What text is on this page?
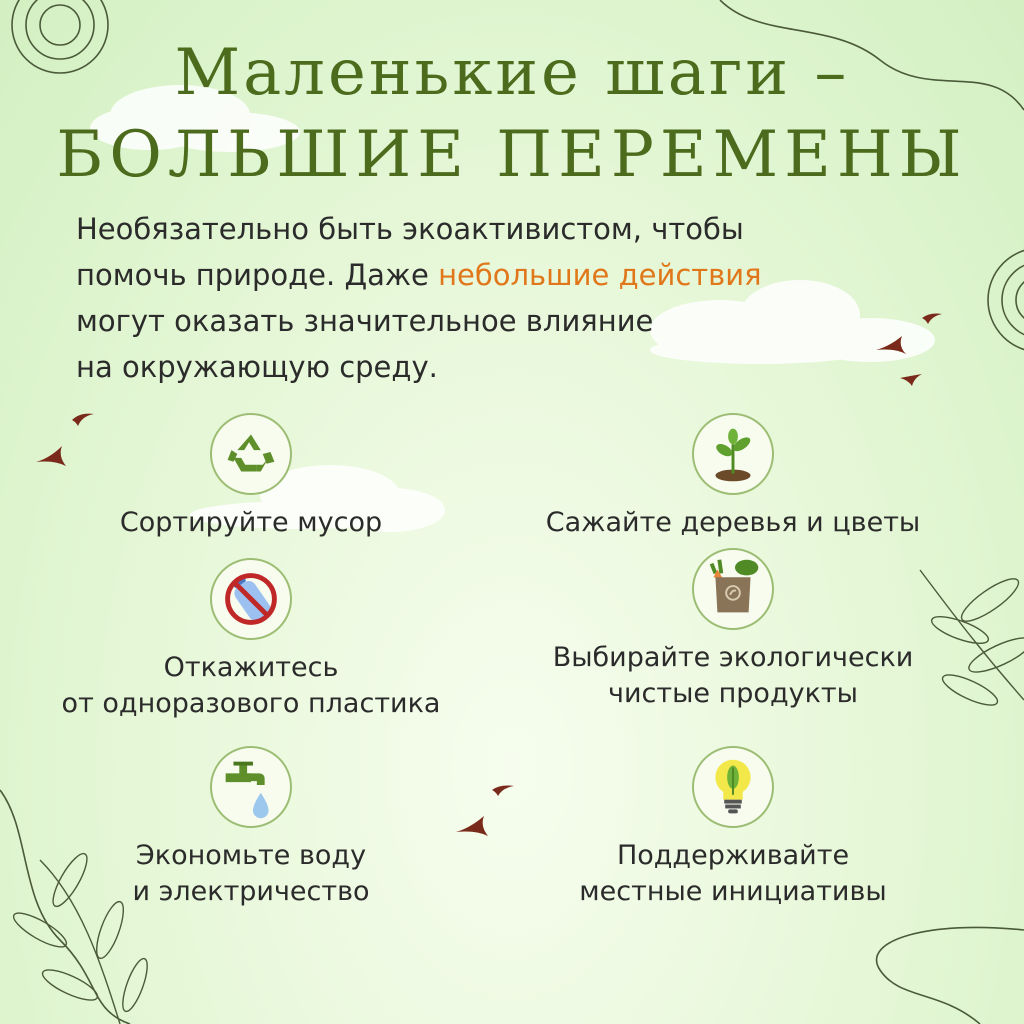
Маленькие шаги –
БОЛЬШИЕ ПЕРЕМЕНЫ
Необязательно быть экоактивистом, чтобы
помочь природе. Даже небольшие действия
могут оказать значительное влияние
на окружающую среду.
Сортируйте мусор	Сажайте деревья и цветы
Откажитесь
от одноразового пластика
Выбирайте экологически
чистые продукты
Экономьте воду
и электричество
Поддерживайте
местные инициативы
